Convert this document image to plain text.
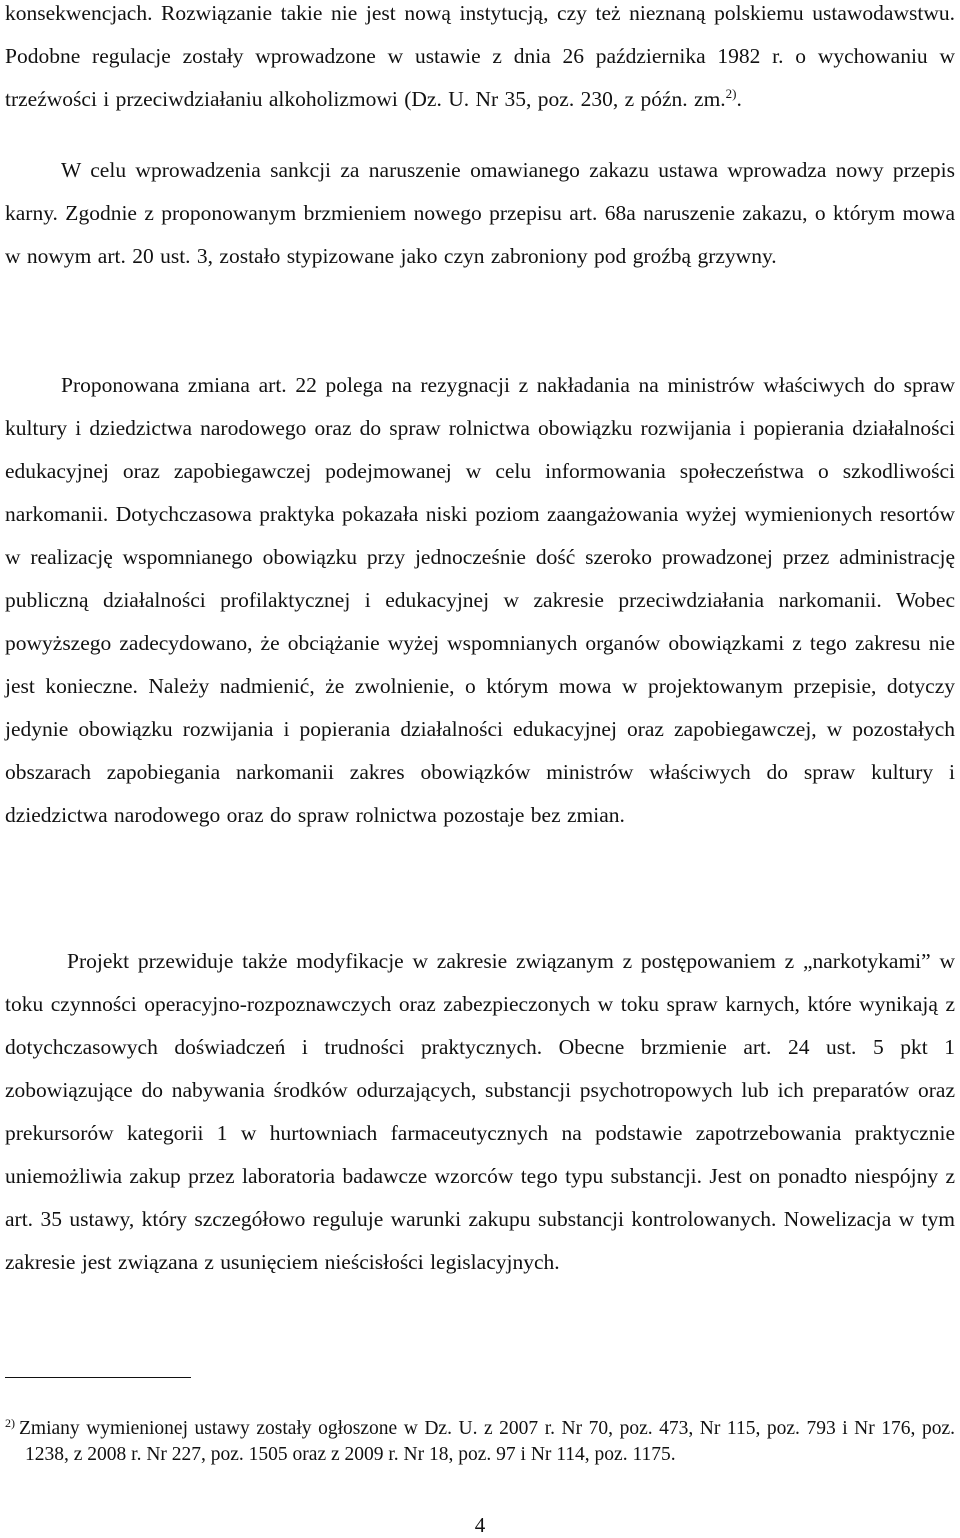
konsekwencjach. Rozwiązanie takie nie jest nową instytucją, czy też nieznaną polskiemu ustawodawstwu. Podobne regulacje zostały wprowadzone w ustawie z dnia 26 października 1982 r. o wychowaniu w trzeźwości i przeciwdziałaniu alkoholizmowi (Dz. U. Nr 35, poz. 230, z późn. zm.$^{2)}$.

W celu wprowadzenia sankcji za naruszenie omawianego zakazu ustawa wprowadza nowy przepis karny. Zgodnie z proponowanym brzmieniem nowego przepisu art. 68a naruszenie zakazu, o którym mowa w nowym art. 20 ust. 3, zostało stypizowane jako czyn zabroniony pod groźbą grzywny.

Proponowana zmiana art. 22 polega na rezygnacji z nakładania na ministrów właściwych do spraw kultury i dziedzictwa narodowego oraz do spraw rolnictwa obowiązku rozwijania i popierania działalności edukacyjnej oraz zapobiegawczej podejmowanej w celu informowania społeczeństwa o szkodliwości narkomanii. Dotychczasowa praktyka pokazała niski poziom zaangażowania wyżej wymienionych resortów w realizację wspomnianego obowiązku przy jednocześnie dość szeroko prowadzonej przez administrację publiczną działalności profilaktycznej i edukacyjnej w zakresie przeciwdziałania narkomanii. Wobec powyższego zadecydowano, że obciążanie wyżej wspomnianych organów obowiązkami z tego zakresu nie jest konieczne. Należy nadmienić, że zwolnienie, o którym mowa w projektowanym przepisie, dotyczy jedynie obowiązku rozwijania i popierania działalności edukacyjnej oraz zapobiegawczej, w pozostałych obszarach zapobiegania narkomanii zakres obowiązków ministrów właściwych do spraw kultury i dziedzictwa narodowego oraz do spraw rolnictwa pozostaje bez zmian.

Projekt przewiduje także modyfikacje w zakresie związanym z postępowaniem z „narkotykami” w toku czynności operacyjno-rozpoznawczych oraz zabezpieczonych w toku spraw karnych, które wynikają z dotychczasowych doświadczeń i trudności praktycznych. Obecne brzmienie art. 24 ust. 5 pkt 1 zobowiązujące do nabywania środków odurzających, substancji psychotropowych lub ich preparatów oraz prekursorów kategorii 1 w hurtowniach farmaceutycznych na podstawie zapotrzebowania praktycznie uniemożliwia zakup przez laboratoria badawcze wzorców tego typu substancji. Jest on ponadto niespójny z art. 35 ustawy, który szczegółowo reguluje warunki zakupu substancji kontrolowanych. Nowelizacja w tym zakresie jest związana z usunięciem nieścisłości legislacyjnych.

$^{2)}$ Zmiany wymienionej ustawy zostały ogłoszone w Dz. U. z 2007 r. Nr 70, poz. 473, Nr 115, poz. 793 i Nr 176, poz. 1238, z 2008 r. Nr 227, poz. 1505 oraz z 2009 r. Nr 18, poz. 97 i Nr 114, poz. 1175.
4
